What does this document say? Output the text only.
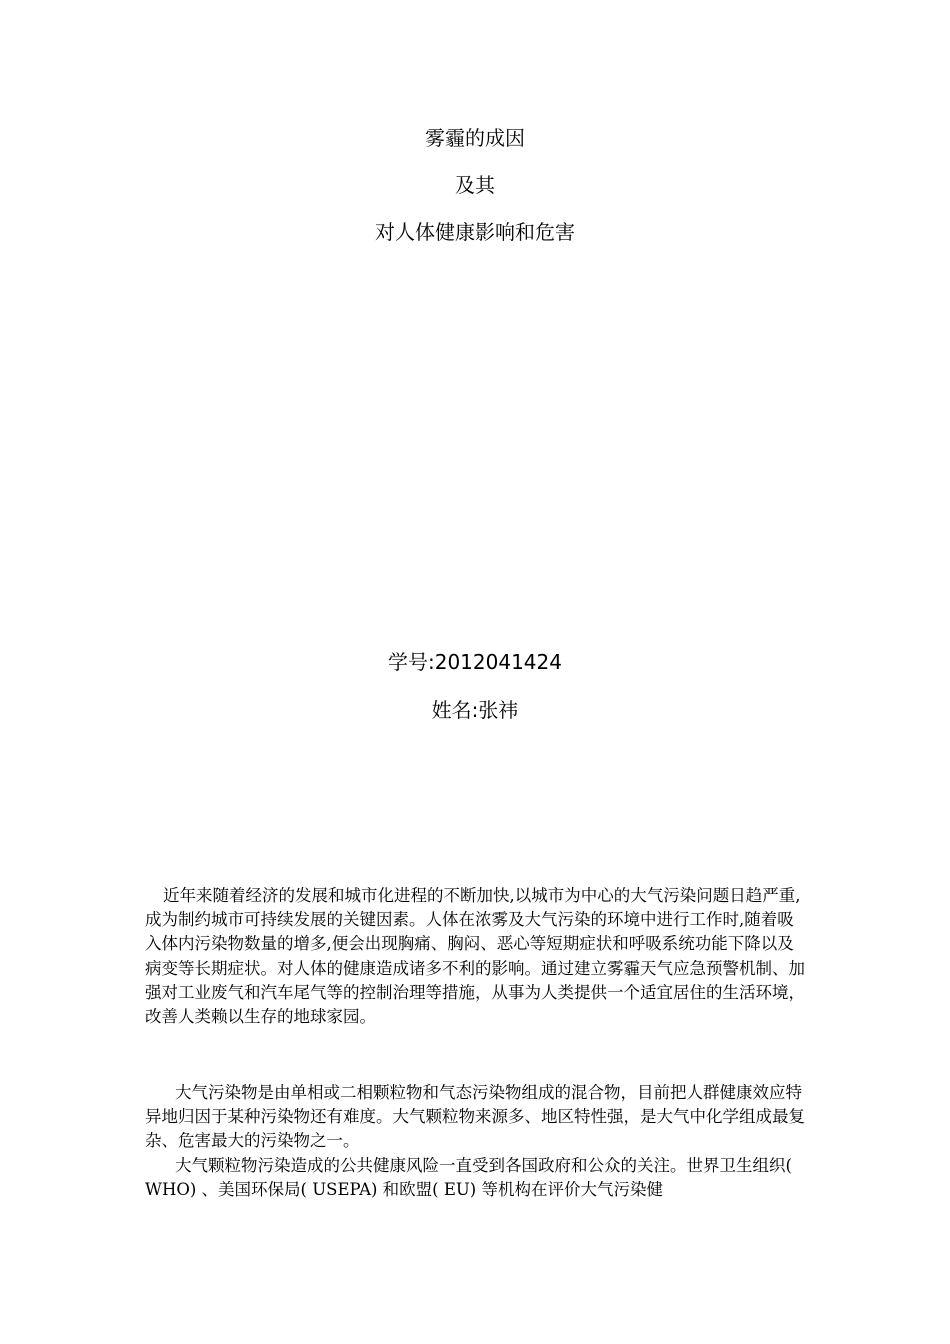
雾霾的成因
及其
对人体健康影响和危害
学号:2012041424
姓名:张祎

近年来随着经济的发展和城市化进程的不断加快,以城市为中心的大气污染问题日趋严重,成为制约城市可持续发展的关键因素。人体在浓雾及大气污染的环境中进行工作时,随着吸入体内污染物数量的增多,便会出现胸痛、胸闷、恶心等短期症状和呼吸系统功能下降以及病变等长期症状。对人体的健康造成诸多不利的影响。通过建立雾霾天气应急预警机制、加强对工业废气和汽车尾气等的控制治理等措施，从事为人类提供一个适宜居住的生活环境，改善人类赖以生存的地球家园。

大气污染物是由单相或二相颗粒物和气态污染物组成的混合物，目前把人群健康效应特异地归因于某种污染物还有难度。大气颗粒物来源多、地区特性强，是大气中化学组成最复杂、危害最大的污染物之一。

大气颗粒物污染造成的公共健康风险一直受到各国政府和公众的关注。世界卫生组织( WHO) 、美国环保局( USEPA) 和欧盟( EU) 等机构在评价大气污染健
